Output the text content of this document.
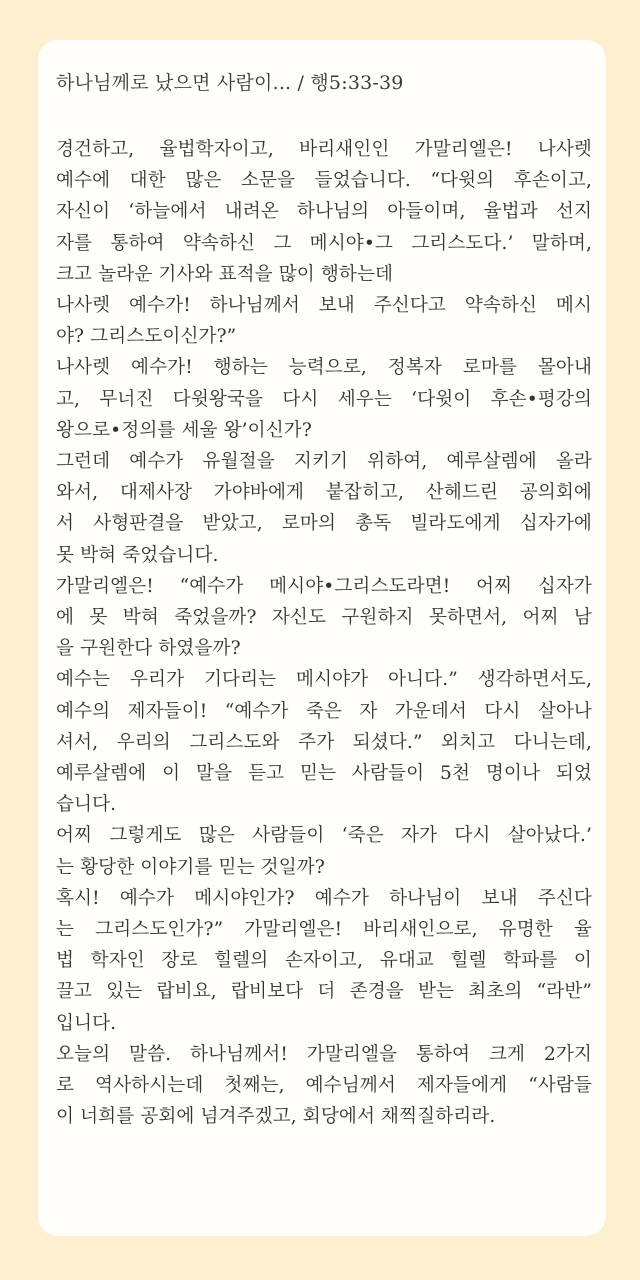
하나님께로 났으면 사람이... / 행5:33-39
경건하고, 율법학자이고, 바리새인인 가말리엘은! 나사렛
예수에 대한 많은 소문을 들었습니다. “다윗의 후손이고,
자신이 ‘하늘에서 내려온 하나님의 아들이며, 율법과 선지
자를 통하여 약속하신 그 메시야•그 그리스도다.’ 말하며,
크고 놀라운 기사와 표적을 많이 행하는데
나사렛 예수가! 하나님께서 보내 주신다고 약속하신 메시
야? 그리스도이신가?”
나사렛 예수가! 행하는 능력으로, 정복자 로마를 몰아내
고, 무너진 다윗왕국을 다시 세우는 ‘다윗이 후손•평강의
왕으로•정의를 세울 왕’이신가?
그런데 예수가 유월절을 지키기 위하여, 예루살렘에 올라
와서, 대제사장 가야바에게 붙잡히고, 산헤드린 공의회에
서 사형판결을 받았고, 로마의 총독 빌라도에게 십자가에
못 박혀 죽었습니다.
가말리엘은! “예수가 메시야•그리스도라면! 어찌 십자가
에 못 박혀 죽었을까? 자신도 구원하지 못하면서, 어찌 남
을 구원한다 하였을까?
예수는 우리가 기다리는 메시야가 아니다.” 생각하면서도,
예수의 제자들이! “예수가 죽은 자 가운데서 다시 살아나
셔서, 우리의 그리스도와 주가 되셨다.” 외치고 다니는데,
예루살렘에 이 말을 듣고 믿는 사람들이 5천 명이나 되었
습니다.
어찌 그렇게도 많은 사람들이 ‘죽은 자가 다시 살아났다.’
는 황당한 이야기를 믿는 것일까?
혹시! 예수가 메시야인가? 예수가 하나님이 보내 주신다
는 그리스도인가?” 가말리엘은! 바리새인으로, 유명한 율
법 학자인 장로 힐렐의 손자이고, 유대교 힐렐 학파를 이
끌고 있는 랍비요, 랍비보다 더 존경을 받는 최초의 “라반”
입니다.
오늘의 말씀. 하나님께서! 가말리엘을 통하여 크게 2가지
로 역사하시는데 첫째는, 예수님께서 제자들에게 “사람들
이 너희를 공회에 넘겨주겠고, 회당에서 채찍질하리라.
